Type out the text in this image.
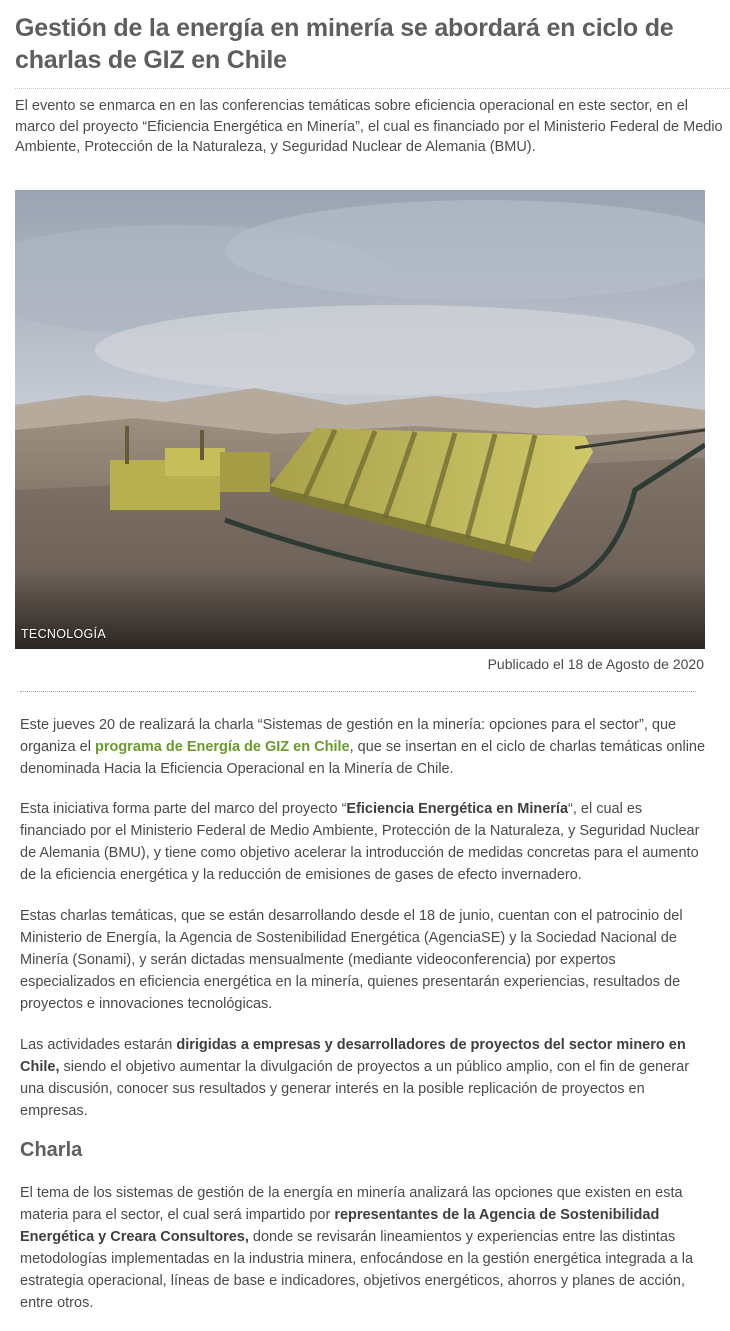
Gestión de la energía en minería se abordará en ciclo de charlas de GIZ en Chile

El evento se enmarca en en las conferencias temáticas sobre eficiencia operacional en este sector, en el marco del proyecto “Eficiencia Energética en Minería”, el cual es financiado por el Ministerio Federal de Medio Ambiente, Protección de la Naturaleza, y Seguridad Nuclear de Alemania (BMU).

TECNOLOGÍA
Publicado el 18 de Agosto de 2020

Este jueves 20 de realizará la charla “Sistemas de gestión en la minería: opciones para el sector”, que organiza el programa de Energía de GIZ en Chile, que se insertan en el ciclo de charlas temáticas online denominada Hacia la Eficiencia Operacional en la Minería de Chile.

Esta iniciativa forma parte del marco del proyecto “Eficiencia Energética en Minería“, el cual es financiado por el Ministerio Federal de Medio Ambiente, Protección de la Naturaleza, y Seguridad Nuclear de Alemania (BMU), y tiene como objetivo acelerar la introducción de medidas concretas para el aumento de la eficiencia energética y la reducción de emisiones de gases de efecto invernadero.

Estas charlas temáticas, que se están desarrollando desde el 18 de junio, cuentan con el patrocinio del Ministerio de Energía, la Agencia de Sostenibilidad Energética (AgenciaSE) y la Sociedad Nacional de Minería (Sonami), y serán dictadas mensualmente (mediante videoconferencia) por expertos especializados en eficiencia energética en la minería, quienes presentarán experiencias, resultados de proyectos e innovaciones tecnológicas.

Las actividades estarán dirigidas a empresas y desarrolladores de proyectos del sector minero en Chile, siendo el objetivo aumentar la divulgación de proyectos a un público amplio, con el fin de generar una discusión, conocer sus resultados y generar interés en la posible replicación de proyectos en empresas.

Charla

El tema de los sistemas de gestión de la energía en minería analizará las opciones que existen en esta materia para el sector, el cual será impartido por representantes de la Agencia de Sostenibilidad Energética y Creara Consultores, donde se revisarán lineamientos y experiencias entre las distintas metodologías implementadas en la industria minera, enfocándose en la gestión energética integrada a la estrategia operacional, líneas de base e indicadores, objetivos energéticos, ahorros y planes de acción, entre otros.
